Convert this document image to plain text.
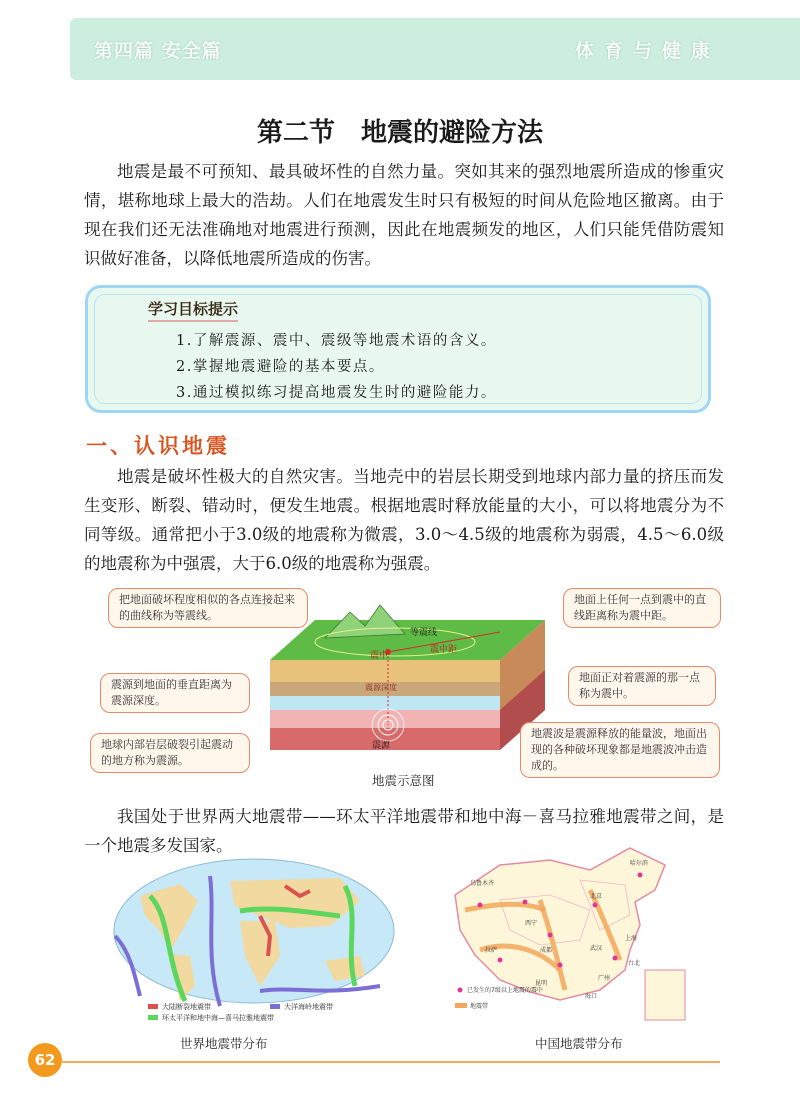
第四篇 安全篇	体育与健康
第二节 地震的避险方法

地震是最不可预知、最具破坏性的自然力量。突如其来的强烈地震所造成的惨重灾情，堪称地球上最大的浩劫。人们在地震发生时只有极短的时间从危险地区撤离。由于现在我们还无法准确地对地震进行预测，因此在地震频发的地区，人们只能凭借防震知识做好准备，以降低地震所造成的伤害。

学习目标提示
1.了解震源、震中、震级等地震术语的含义。
2.掌握地震避险的基本要点。
3.通过模拟练习提高地震发生时的避险能力。
一、认识地震

地震是破坏性极大的自然灾害。当地壳中的岩层长期受到地球内部力量的挤压而发生变形、断裂、错动时，便发生地震。根据地震时释放能量的大小，可以将地震分为不同等级。通常把小于3.0级的地震称为微震，3.0～4.5级的地震称为弱震，4.5～6.0级的地震称为中强震，大于6.0级的地震称为强震。

等震线
震中
震中距
震源深度
震源
把地面破坏程度相似的各点连接起来的曲线称为等震线。
地面上任何一点到震中的直线距离称为震中距。
震源到地面的垂直距离为震源深度。
地面正对着震源的那一点称为震中。
地球内部岩层破裂引起震动的地方称为震源。
地震波是震源释放的能量波，地面出现的各种破坏现象都是地震波冲击造成的。
地震示意图

我国处于世界两大地震带——环太平洋地震带和地中海－喜马拉雅地震带之间，是一个地震多发国家。

大陆断裂地震带	大洋海岭地震带
环太平洋和地中海—喜马拉雅地震带
世界地震带分布
乌鲁木齐
北京
上海
西宁
拉萨	成都	武汉
广州
昆明
台北
海口
哈尔滨
已发生的7级以上地震的震中
地震带
中国地震带分布
62
